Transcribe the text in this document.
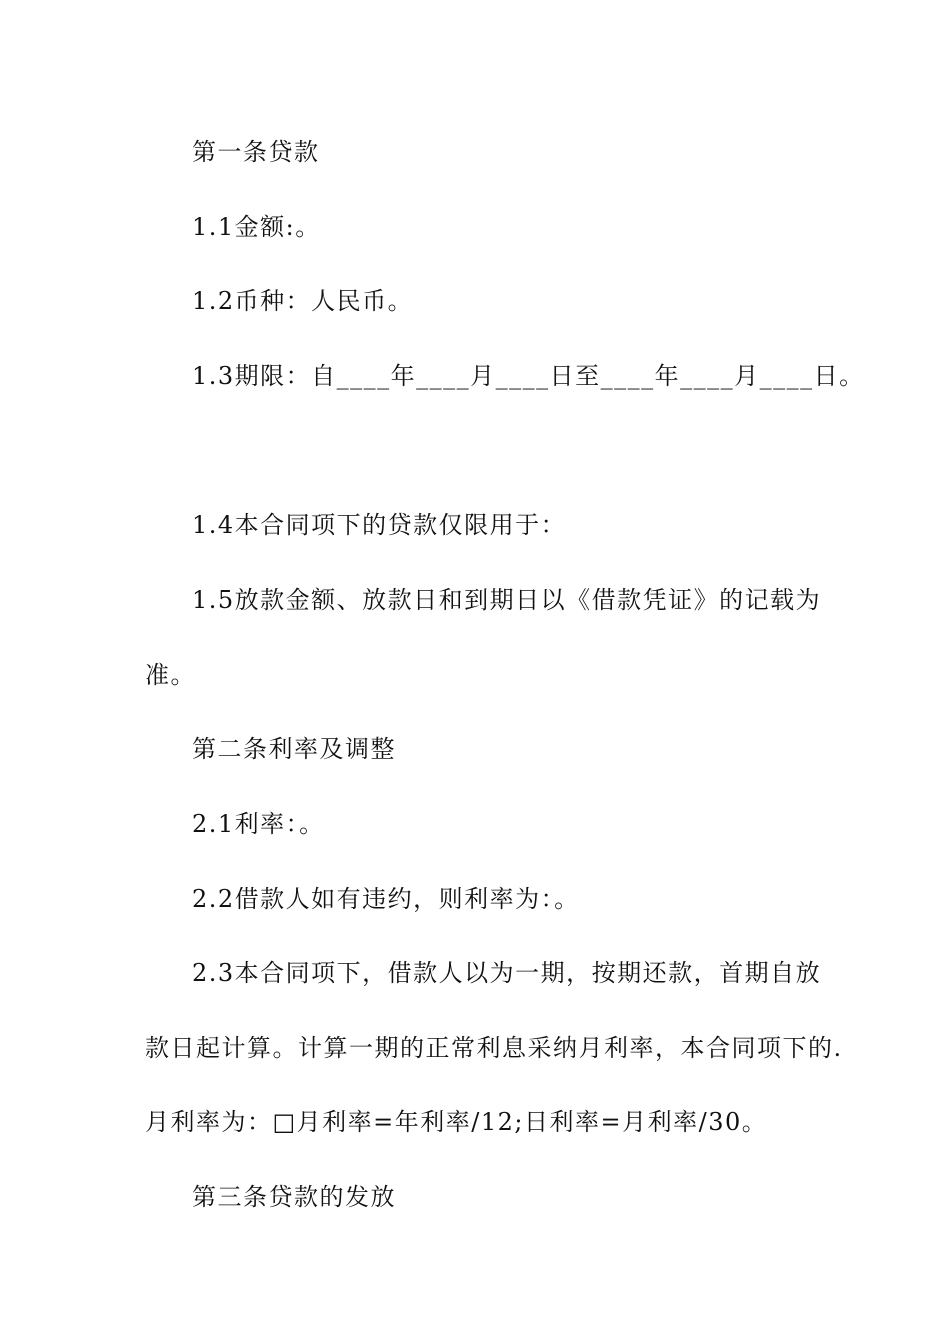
第一条贷款
1.1金额:。
1.2币种：人民币。
1.3期限：自____年____月____日至____年____月____日。
1.4本合同项下的贷款仅限用于：
1.5放款金额、放款日和到期日以《借款凭证》的记载为
准。
第二条利率及调整
2.1利率：。
2.2借款人如有违约，则利率为：。
2.3本合同项下，借款人以为一期，按期还款，首期自放
款日起计算。计算一期的正常利息采纳月利率，本合同项下的.
月利率为：□月利率=年利率/12;日利率=月利率/30。
第三条贷款的发放
